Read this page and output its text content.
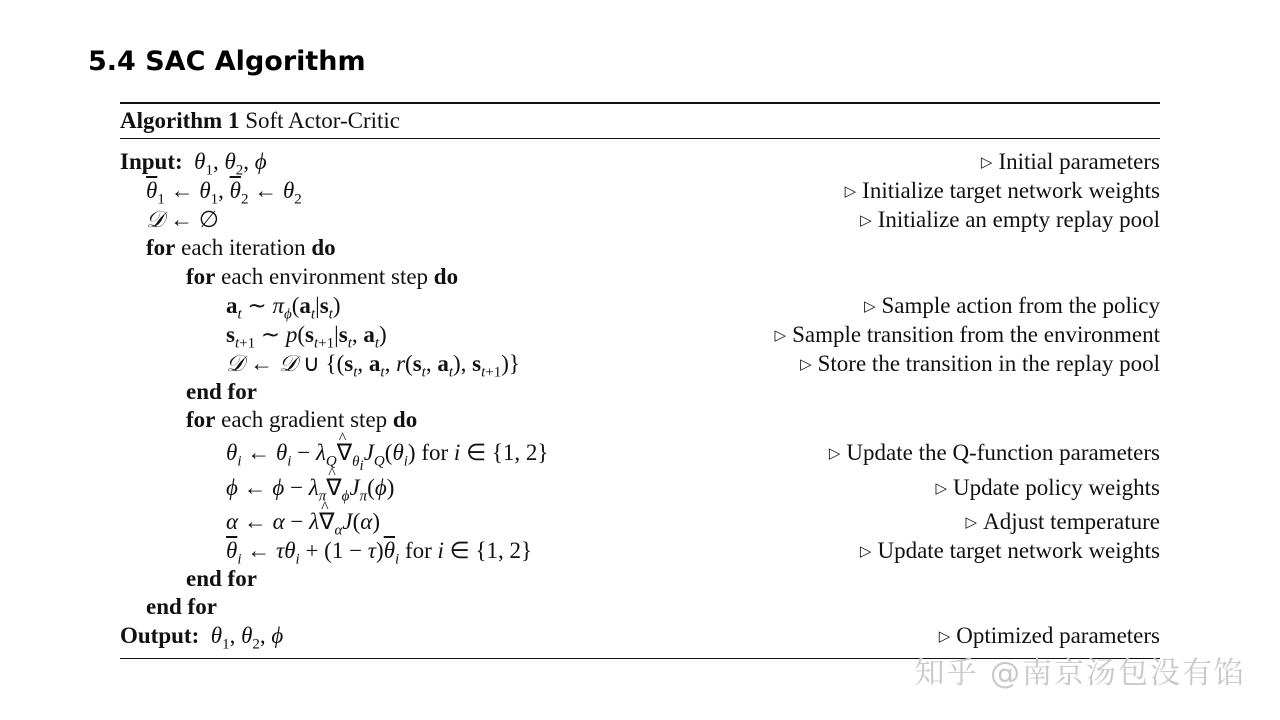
5.4 SAC Algorithm
Algorithm 1 Soft Actor-Critic
Input: $\theta_1$, $\theta_2$, ϕ	▷ Initial parameters
$\overline{\theta}_1$ ← $\theta_1$, $\overline{\theta}_2$ ← $\theta_2$	▷ Initialize target network weights
𝒟 ← ∅	▷ Initialize an empty replay pool
for each iteration do
for each environment step do
$a_t$ ∼ $\pi_\phi(a_t|s_t)$	▷ Sample action from the policy
$s_{t+1}$ ∼ $p(s_{t+1}|s_t$, $a_t$)	▷ Sample transition from the environment
𝒟 ← 𝒟 ∪ {($s_t$, $a_t$, $r(s_t$, $a_t$), $s_{t+1}$)}	▷ Store the transition in the replay pool
end for
for each gradient step do
$\theta_i$ ← $\theta_i$ − $\lambda_Q\^{}$ $\nabla_{\theta_i}J_Q(\theta_i)$ for i ∈ {1, 2}	▷ Update the Q-function parameters
ϕ ← $\phi - \lambda_\pi\^{}$ $\nabla_\phi J_\pi(\phi)$	▷ Update policy weights
α ← α − λ^ $\nabla_\alpha J(\alpha)$	▷ Adjust temperature
$\overline{\theta}_i$ ← $\tau\theta_i + (1 - \tau)\overline{\theta}_i$ for i ∈ {1, 2}	▷ Update target network weights
end for
end for
Output: $\theta_1$, $\theta_2$, ϕ	▷ Optimized parameters
知乎 @南京汤包没有馅
